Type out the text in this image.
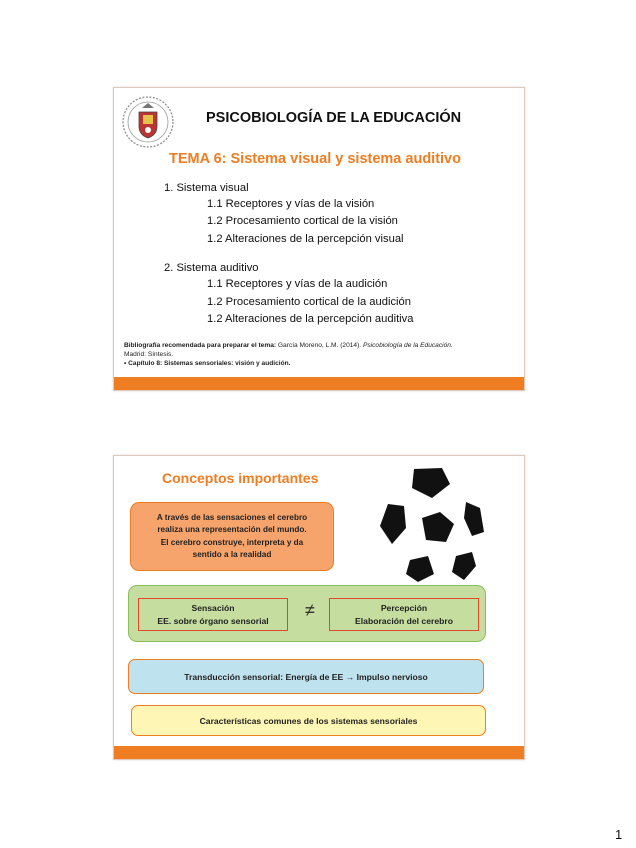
PSICOBIOLOGÍA DE LA EDUCACIÓN
TEMA 6: Sistema visual y sistema auditivo
1. Sistema visual
1.1 Receptores y vías de la visión
1.2 Procesamiento cortical de la visión
1.2 Alteraciones de la percepción visual
2. Sistema auditivo
1.1 Receptores y vías de la audición
1.2 Procesamiento cortical de la audición
1.2 Alteraciones de la percepción auditiva
Bibliografía recomendada para preparar el tema: García Moreno, L.M. (2014). Psicobiología de la Educación.
Madrid: Síntesis.
• Capítulo 8: Sistemas sensoriales: visión y audición.
Conceptos importantes
A través de las sensaciones el cerebro
realiza una representación del mundo.
El cerebro construye, interpreta y da
sentido a la realidad
Sensación
EE. sobre órgano sensorial
≠	Percepción
Elaboración del cerebro
Transducción sensorial: Energía de EE → Impulso nervioso
Características comunes de los sistemas sensoriales
1
